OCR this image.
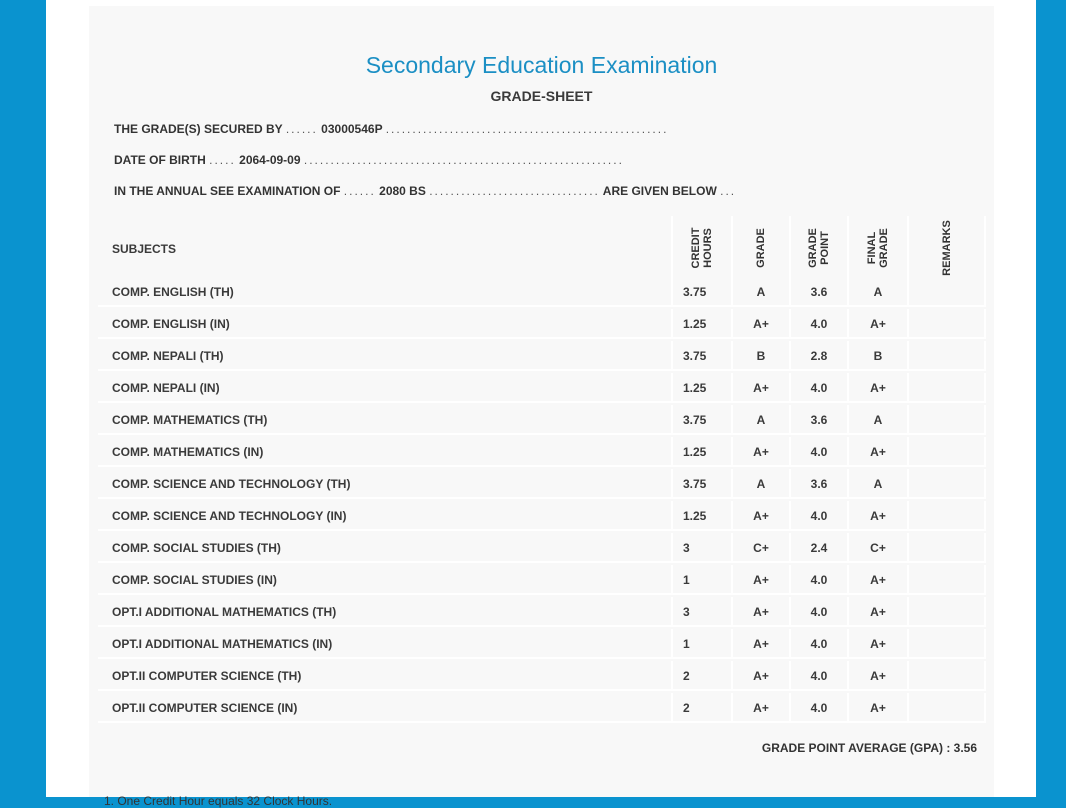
Secondary Education Examination
GRADE-SHEET
THE GRADE(S) SECURED BY ...... 03000546P .....................................................
DATE OF BIRTH ..... 2064-09-09 ............................................................
IN THE ANNUAL SEE EXAMINATION OF ...... 2080 BS ................................ ARE GIVEN BELOW ...
SUBJECTS	CREDIT HOURS	GRADE	GRADE POINT	FINAL GRADE	REMARKS
COMP. ENGLISH (TH)	3.75	A	3.6	A
COMP. ENGLISH (IN)	1.25	A+	4.0	A+
COMP. NEPALI (TH)	3.75	B	2.8	B
COMP. NEPALI (IN)	1.25	A+	4.0	A+
COMP. MATHEMATICS (TH)	3.75	A	3.6	A
COMP. MATHEMATICS (IN)	1.25	A+	4.0	A+
COMP. SCIENCE AND TECHNOLOGY (TH)	3.75	A	3.6	A
COMP. SCIENCE AND TECHNOLOGY (IN)	1.25	A+	4.0	A+
COMP. SOCIAL STUDIES (TH)	3	C+	2.4	C+
COMP. SOCIAL STUDIES (IN)	1	A+	4.0	A+
OPT.I ADDITIONAL MATHEMATICS (TH)	3	A+	4.0	A+
OPT.I ADDITIONAL MATHEMATICS (IN)	1	A+	4.0	A+
OPT.II COMPUTER SCIENCE (TH)	2	A+	4.0	A+
OPT.II COMPUTER SCIENCE (IN)	2	A+	4.0	A+
GRADE POINT AVERAGE (GPA) : 3.56
1. One Credit Hour equals 32 Clock Hours.
